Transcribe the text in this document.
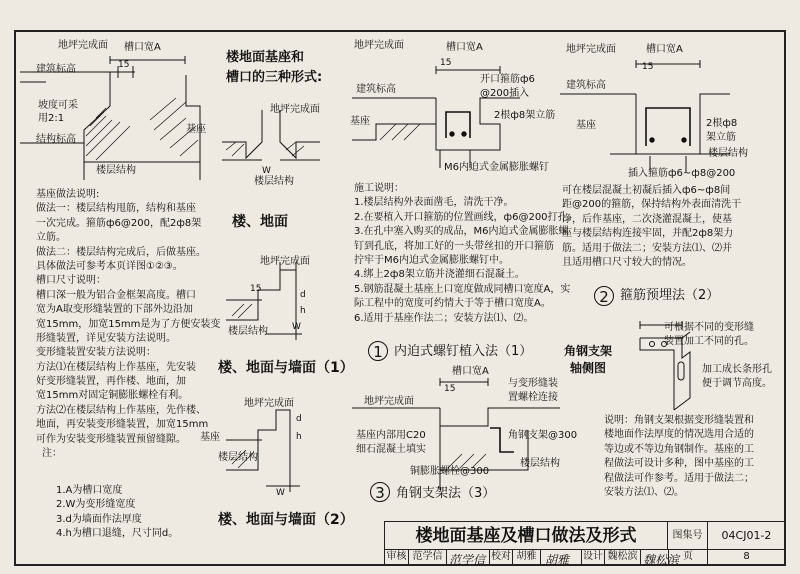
地坪完成面 槽口宽A
15
建筑标高
坡度可采
用2:1
结构标高
基座
楼层结构
基座做法说明:
做法一：楼层结构甩筋，结构和基座
一次完成。箍筋ф6@200，配2ф8架
立筋。
做法二：楼层结构完成后，后做基座。
具体做法可参考本页详图①②③。
槽口尺寸说明：
槽口深一般为铝合金框架高度。槽口
宽为A取变形缝装置的下部外边沿加
宽15mm，加宽15mm是为了方便安装变
形缝装置，详见安装方法说明。
变形缝装置安装方法说明：
方法⑴在楼层结构上作基座，先安装
好变形缝装置，再作楼、地面，加
宽15mm对固定铜膨胀螺栓有利。
方法⑵在楼层结构上作基座，先作楼、
地面，再安装变形缝装置，加宽15mm
可作为安装变形缝装置预留缝隙。
注：
1.A为槽口宽度
2.W为变形缝宽度
3.d为墙面作法厚度
4.h为槽口退缝，尺寸同d。
楼地面基座和
槽口的三种形式:
地坪完成面
W
楼层结构
楼、地面
地坪完成面
15
d
h
W
楼层结构
楼、地面与墙面（1）
地坪完成面
d
h
基座
楼层结构
W
楼、地面与墙面（2）
地坪完成面	槽口宽A
15
建筑标高
基座
开口箍筋ф6
@200插入
2根ф8架立筋
M6内迫式金属膨胀螺钉
施工说明：
1.楼层结构外表面凿毛，清洗干净。
2.在要植入开口箍筋的位置画线，ф6@200打孔。
3.在孔中塞入购买的成品，M6内迫式金属膨胀螺
钉到孔底，将加工好的一头带丝扣的开口箍筋
拧牢于M6内迫式金属膨胀螺钉中。
4.绑上2ф8架立筋并浇灌细石混凝土。
5.钢筋混凝土基座上口宽度做成同槽口宽度A，实
际工程中的宽度可约情大于等于槽口宽度A。
6.适用于基座作法二；安装方法⑴、⑵。
1 内迫式螺钉植入法（1）
地坪完成面	槽口宽A
15
建筑标高
基座	2根ф8
架立筋
楼层结构
插入箍筋ф6~ф8@200
可在楼层混凝土初凝后插入ф6~ф8间
距@200的箍筋，保持结构外表面清洗干
净，后作基座，二次浇灌混凝土，使基
座与楼层结构连接牢固，并配2ф8架力
筋。适用于做法二；安装方法⑴、⑵并
且适用槽口尺寸较大的情况。
2 箍筋预埋法（2）
角钢支架
轴侧图
可根据不同的变形缝
装置加工不同的孔。
加工成长条形孔
便于调节高度。
说明：角钢支架根据变形缝装置和
楼地面作法厚度的情况选用合适的
等边或不等边角钢制作。基座的工
程做法可设计多种，图中基座的工
程做法可作参考。适用于做法二；
安装方法⑴、⑵。
槽口宽A
15	与变形缝装
置螺栓连接
地坪完成面
基座内部用C20
细石混凝土填实
角钢支架@300
铜膨胀螺栓@300
楼层结构
3 角钢支架法（3）
楼地面基座及槽口做法及形式	图集号	04CJ01-2
审核 范学信 范学信 校对 胡雅 胡雅 设计 魏松滨 魏松滨 页	8
